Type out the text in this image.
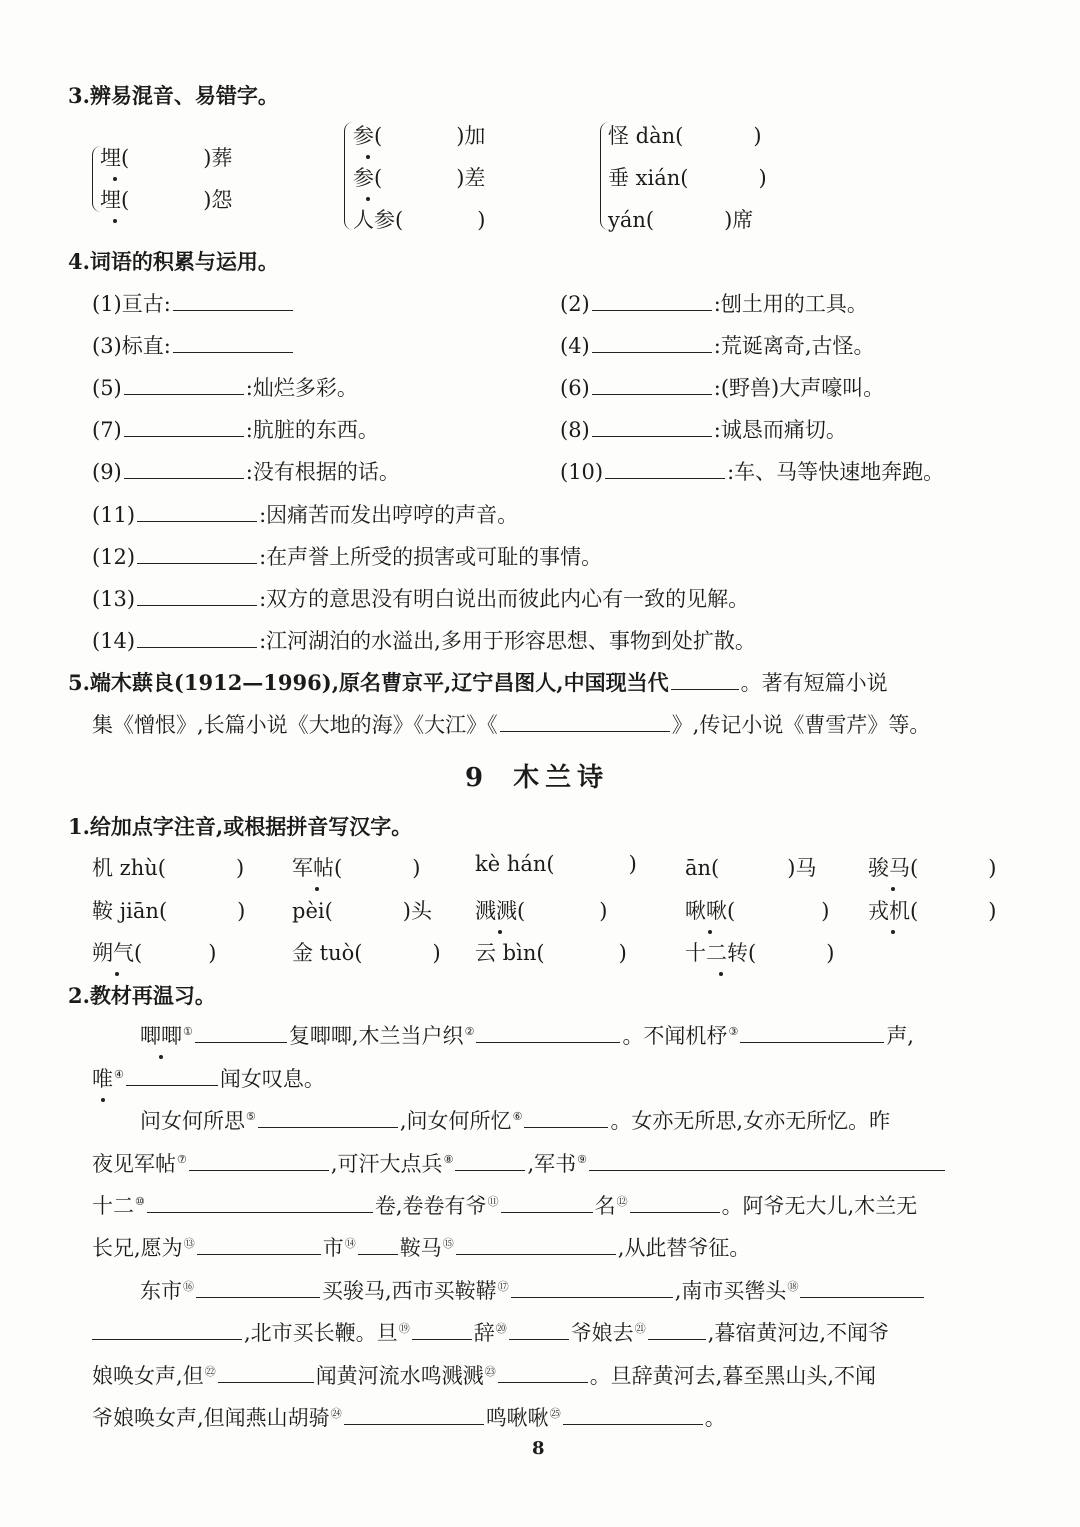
3.辨易混音、易错字。
埋(	)葬
埋(	)怨
参(	)加
参(	)差
人参(	)
怪 dàn(	)
垂 xián(	)
yán(	)席
4.词语的积累与运用。
(1)亘古:	(2)	:刨土用的工具。
(3)标直:	(4)	:荒诞离奇,古怪。
(5)	:灿烂多彩。	(6)	:(野兽)大声嚎叫。
(7)	:肮脏的东西。	(8)	:诚恳而痛切。
(9)	:没有根据的话。	(10)	:车、马等快速地奔跑。
(11)	:因痛苦而发出哼哼的声音。
(12)	:在声誉上所受的损害或可耻的事情。
(13)	:双方的意思没有明白说出而彼此内心有一致的见解。
(14)	:江河湖泊的水溢出,多用于形容思想、事物到处扩散。
5.端木蕻良(1912—1996),原名曹京平,辽宁昌图人,中国现当代	。著有短篇小说
集《憎恨》,长篇小说《大地的海》《大江》《	》,传记小说《曹雪芹》等。
9 木兰诗
1.给加点字注音,或根据拼音写汉字。
机 zhù(	) 军帖(	)	kè hán(	) ān(	)马 骏马(	)
鞍 jiān(	) pèi(	)头 溅溅(	)	啾啾(	) 戎机(	)
朔气(	)	金 tuò(	) 云 bìn(	)	十二转(	)
2.教材再温习。
唧唧①	复唧唧,木兰当户织②	。不闻机杼③	声,
唯④	闻女叹息。
问女何所思⑤	,问女何所忆⑥	。女亦无所思,女亦无所忆。昨
夜见军帖⑦	,可汗大点兵⑧	,军书⑨
十二⑩	卷,卷卷有爷⑪	名⑫	。阿爷无大儿,木兰无
长兄,愿为⑬	市⑭ 鞍马⑮	,从此替爷征。
东市⑯	买骏马,西市买鞍鞯⑰	,南市买辔头⑱
,北市买长鞭。旦⑲	辞⑳	爷娘去$^㉑$	,暮宿黄河边,不闻爷
娘唤女声,但$^㉒$	闻黄河流水鸣溅溅$^㉓$	。旦辞黄河去,暮至黑山头,不闻
爷娘唤女声,但闻燕山胡骑$^㉔$	鸣啾啾$^㉕$	。
8
